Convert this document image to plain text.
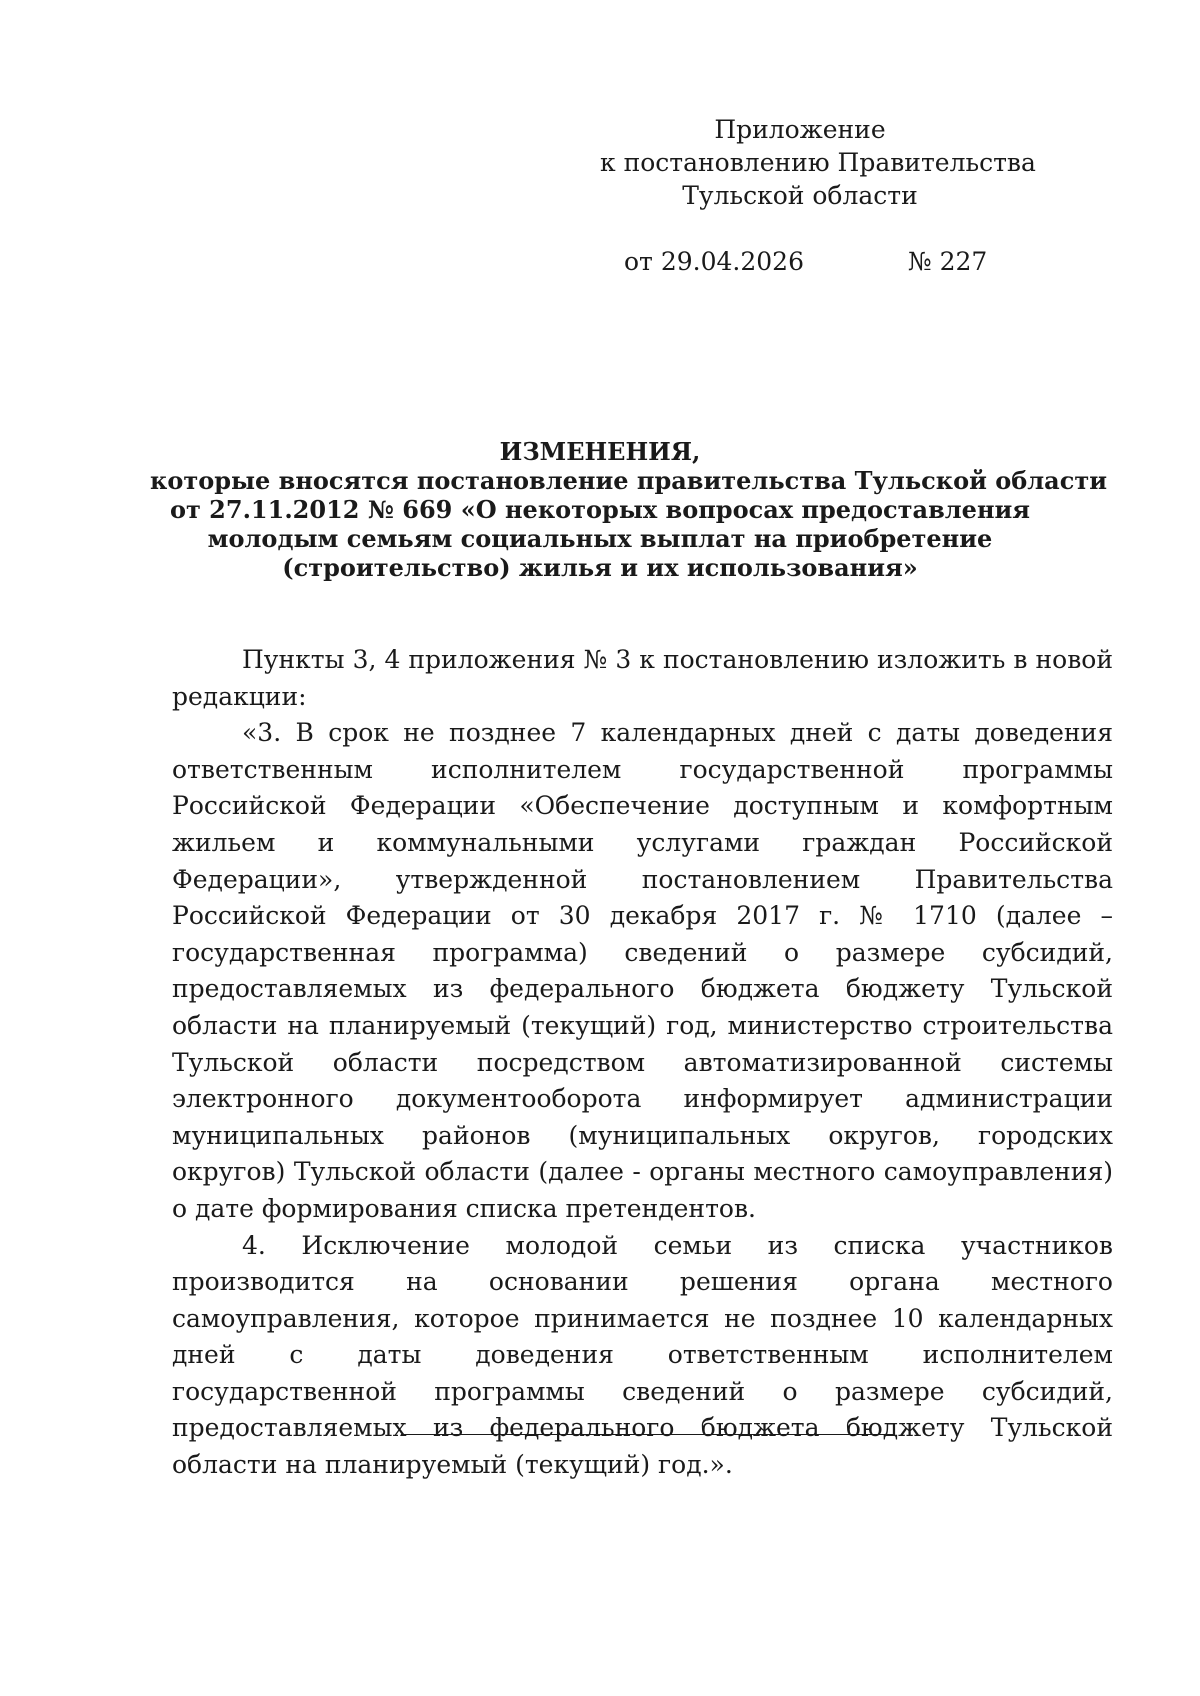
Приложение
к постановлению Правительства
Тульской области
от 29.04.2026	№ 227
ИЗМЕНЕНИЯ,
которые вносятся постановление правительства Тульской области
от 27.11.2012 № 669 «О некоторых вопросах предоставления
молодым семьям социальных выплат на приобретение
(строительство) жилья и их использования»

Пункты 3, 4 приложения № 3 к постановлению изложить в новой редакции:

«3. В срок не позднее 7 календарных дней с даты доведения ответственным исполнителем государственной программы Российской Федерации «Обеспечение доступным и комфортным жильем и коммунальными услугами граждан Российской Федерации», утвержденной постановлением Правительства Российской Федерации от 30 декабря 2017 г. № 1710 (далее – государственная программа) сведений о размере субсидий, предоставляемых из федерального бюджета бюджету Тульской области на планируемый (текущий) год, министерство строительства Тульской области посредством автоматизированной системы электронного документооборота информирует администрации муниципальных районов (муниципальных округов, городских округов) Тульской области (далее - органы местного самоуправления) о дате формирования списка претендентов.

4. Исключение молодой семьи из списка участников производится на основании решения органа местного самоуправления, которое принимается не позднее 10 календарных дней с даты доведения ответственным исполнителем государственной программы сведений о размере субсидий, предоставляемых из федерального бюджета бюджету Тульской области на планируемый (текущий) год.».
